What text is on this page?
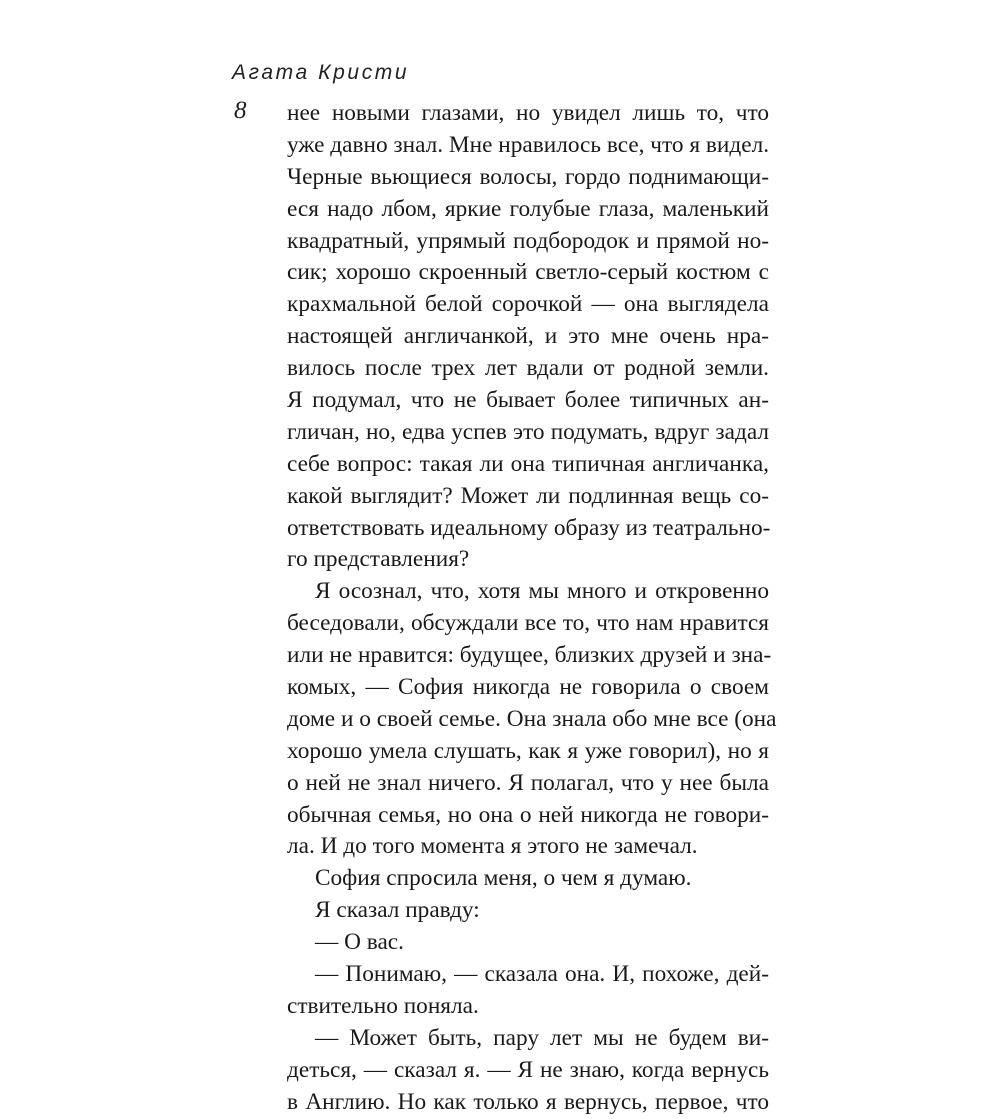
Агата Кристи
8 нее новыми глазами, но увидел лишь то, что
уже давно знал. Мне нравилось все, что я видел.
Черные вьющиеся волосы, гордо поднимающи-
еся надо лбом, яркие голубые глаза, маленький
квадратный, упрямый подбородок и прямой но-
сик; хорошо скроенный светло-серый костюм с
крахмальной белой сорочкой — она выглядела
настоящей англичанкой, и это мне очень нра-
вилось после трех лет вдали от родной земли.
Я подумал, что не бывает более типичных ан-
гличан, но, едва успев это подумать, вдруг задал
себе вопрос: такая ли она типичная англичанка,
какой выглядит? Может ли подлинная вещь со-
ответствовать идеальному образу из театрально-
го представления?
Я осознал, что, хотя мы много и откровенно
беседовали, обсуждали все то, что нам нравится
или не нравится: будущее, близких друзей и зна-
комых, — София никогда не говорила о своем
доме и о своей семье. Она знала обо мне все (она
хорошо умела слушать, как я уже говорил), но я
о ней не знал ничего. Я полагал, что у нее была
обычная семья, но она о ней никогда не говори-
ла. И до того момента я этого не замечал.
София спросила меня, о чем я думаю.
Я сказал правду:
— О вас.
— Понимаю, — сказала она. И, похоже, дей-
ствительно поняла.
— Может быть, пару лет мы не будем ви-
деться, — сказал я. — Я не знаю, когда вернусь
в Англию. Но как только я вернусь, первое, что
